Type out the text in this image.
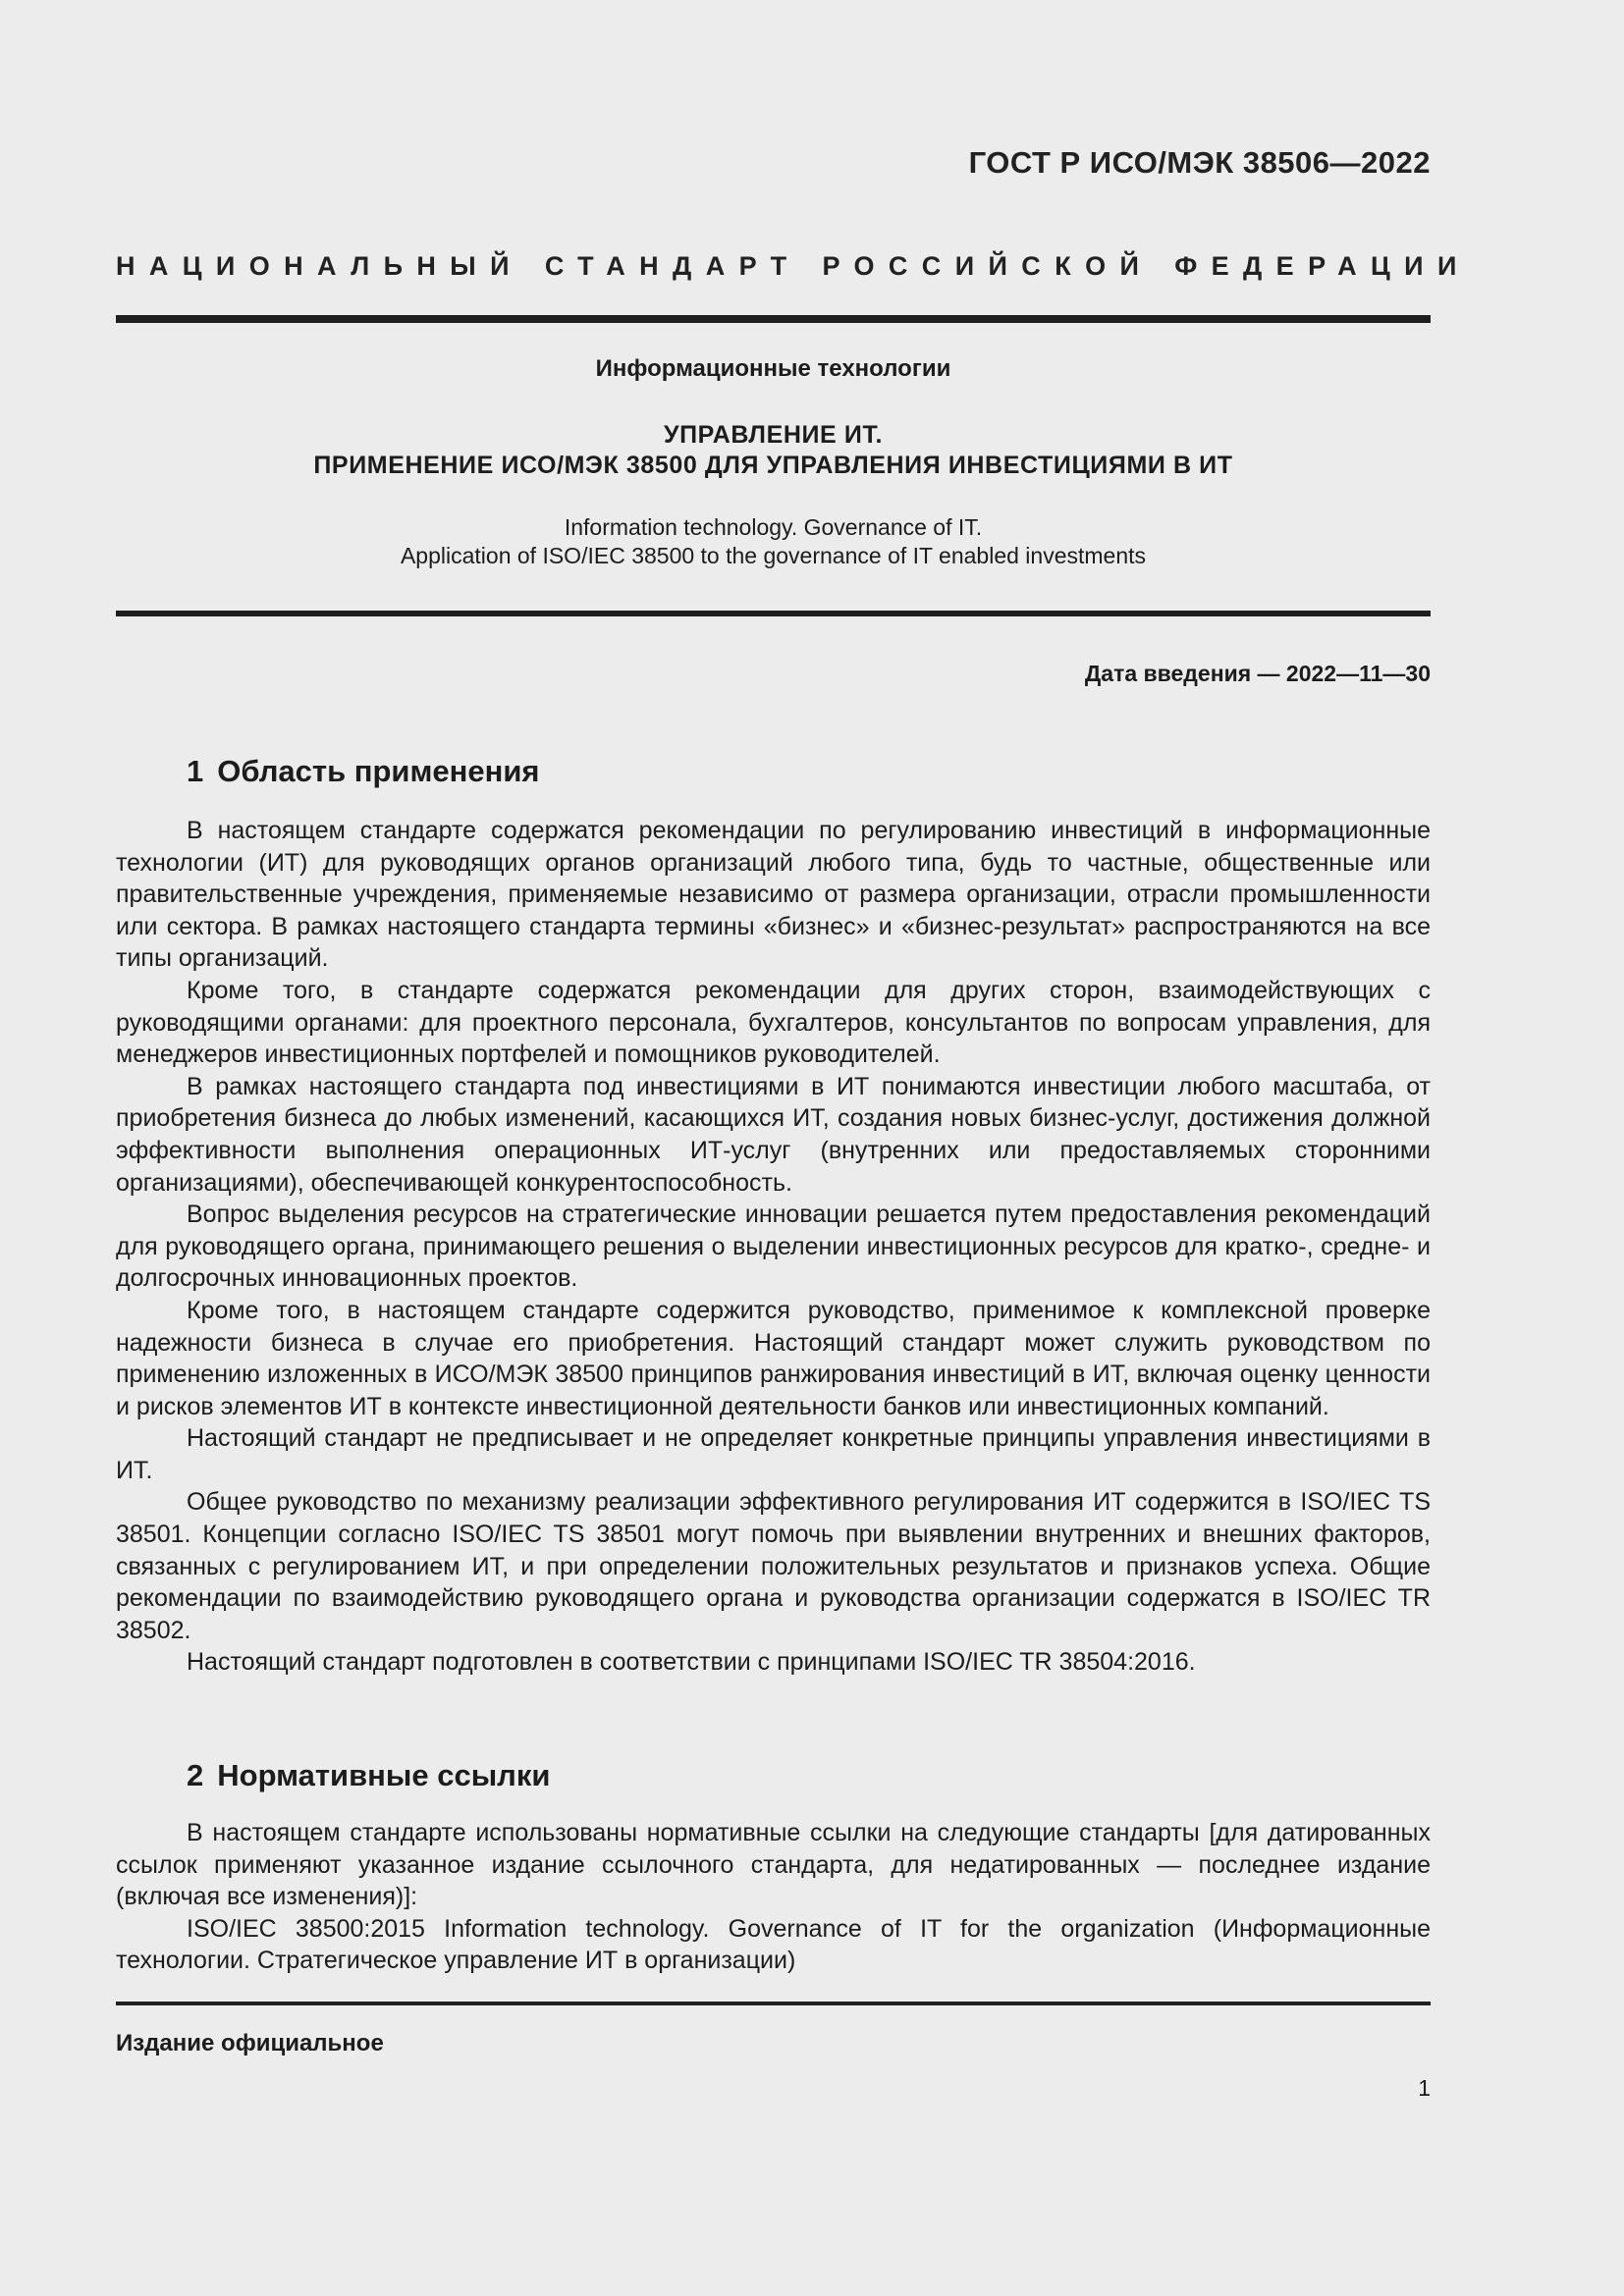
ГОСТ Р ИСО/МЭК 38506—2022
НАЦИОНАЛЬНЫЙ СТАНДАРТ РОССИЙСКОЙ ФЕДЕРАЦИИ
Информационные технологии
УПРАВЛЕНИЕ ИТ.
ПРИМЕНЕНИЕ ИСО/МЭК 38500 ДЛЯ УПРАВЛЕНИЯ ИНВЕСТИЦИЯМИ В ИТ
Information technology. Governance of IT.
Application of ISO/IEC 38500 to the governance of IT enabled investments
Дата введения — 2022—11—30
1 Область применения

В настоящем стандарте содержатся рекомендации по регулированию инвестиций в информационные технологии (ИТ) для руководящих органов организаций любого типа, будь то частные, общественные или правительственные учреждения, применяемые независимо от размера организации, отрасли промышленности или сектора. В рамках настоящего стандарта термины «бизнес» и «бизнес-результат» распространяются на все типы организаций.

Кроме того, в стандарте содержатся рекомендации для других сторон, взаимодействующих с руководящими органами: для проектного персонала, бухгалтеров, консультантов по вопросам управления, для менеджеров инвестиционных портфелей и помощников руководителей.

В рамках настоящего стандарта под инвестициями в ИТ понимаются инвестиции любого масштаба, от приобретения бизнеса до любых изменений, касающихся ИТ, создания новых бизнес-услуг, достижения должной эффективности выполнения операционных ИТ-услуг (внутренних или предоставляемых сторонними организациями), обеспечивающей конкурентоспособность.

Вопрос выделения ресурсов на стратегические инновации решается путем предоставления рекомендаций для руководящего органа, принимающего решения о выделении инвестиционных ресурсов для кратко-, средне- и долгосрочных инновационных проектов.

Кроме того, в настоящем стандарте содержится руководство, применимое к комплексной проверке надежности бизнеса в случае его приобретения. Настоящий стандарт может служить руководством по применению изложенных в ИСО/МЭК 38500 принципов ранжирования инвестиций в ИТ, включая оценку ценности и рисков элементов ИТ в контексте инвестиционной деятельности банков или инвестиционных компаний.

Настоящий стандарт не предписывает и не определяет конкретные принципы управления инвестициями в ИТ.

Общее руководство по механизму реализации эффективного регулирования ИТ содержится в ISO/IEC TS 38501. Концепции согласно ISO/IEC TS 38501 могут помочь при выявлении внутренних и внешних факторов, связанных с регулированием ИТ, и при определении положительных результатов и признаков успеха. Общие рекомендации по взаимодействию руководящего органа и руководства организации содержатся в ISO/IEC TR 38502.

Настоящий стандарт подготовлен в соответствии с принципами ISO/IEC TR 38504:2016.

2 Нормативные ссылки

В настоящем стандарте использованы нормативные ссылки на следующие стандарты [для датированных ссылок применяют указанное издание ссылочного стандарта, для недатированных — последнее издание (включая все изменения)]:

ISO/IEC 38500:2015 Information technology. Governance of IT for the organization (Информационные технологии. Стратегическое управление ИТ в организации)

Издание официальное
1
